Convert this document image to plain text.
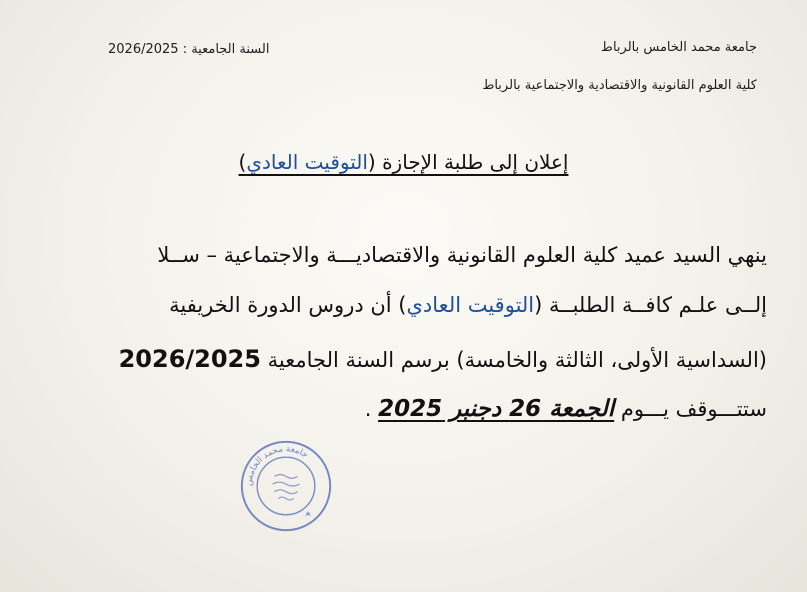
جامعة محمد الخامس بالرباط
كلية العلوم القانونية والاقتصادية والاجتماعية بالرباط
السنة الجامعية : 2026/2025
إعلان إلى طلبة الإجازة (التوقيت العادي)
ينهي السيد عميد كلية العلوم القانونية والاقتصاديـــة والاجتماعية – ســلا
إلــى علـم كافــة الطلبــة (التوقيت العادي) أن دروس الدورة الخريفية
(السداسية الأولى، الثالثة والخامسة) برسم السنة الجامعية 2026/2025
ستتـــوقف يـــوم الجمعة 26 دجنبر 2025 .
جامعة محمد الخامس
